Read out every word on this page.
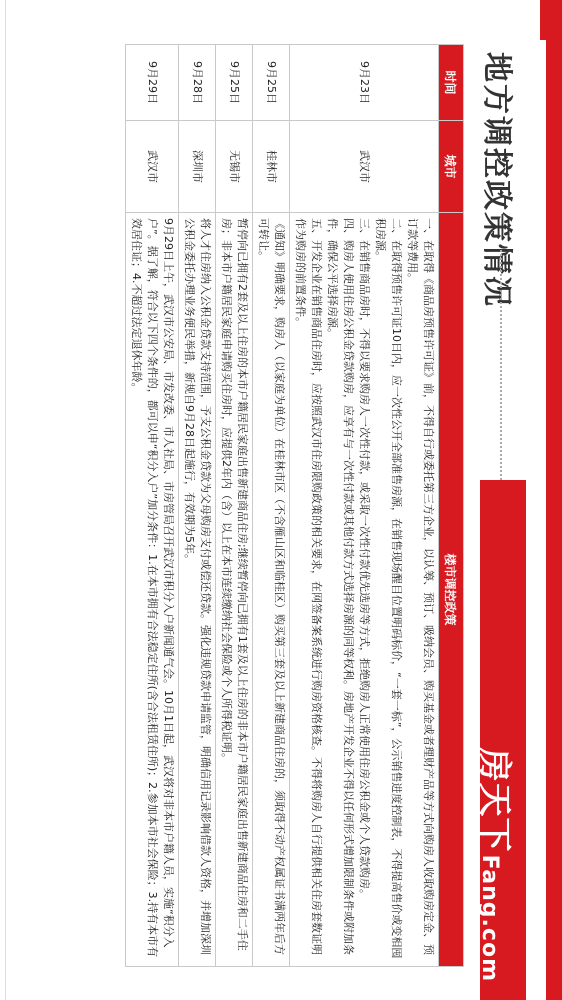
地方调控政策情况
房天下Fang.com
时间	城市	楼市调控政策
9月23日	武汉市	一、在取得《商品房预售许可证》前，不得自行或委托第三方企业，以认筹、预订、吸纳会员、购买基金或者理财产品等方式向购房人收取购房定金、预订款等费用。
二、在取得预售许可证10日内，应一次性公开全部准售房源，在销售现场醒目位置明码标价，“一套一标”，公示销售进度控制表，不得提高售价或变相囤积房源。
三、在销售商品房时，不得以要求购房人一次性付款，或采取一次性付款优先选房等方式，拒绝购房人正常使用住房公积金或个人贷款购房。
四、购房人使用住房公积金贷款购房，应享有与一次性付款或其他付款方式选择房源的同等权利。房地产开发企业不得以任何形式增加限制条件或附加条件，确保公平选择房源。
五、开发企业在销售商品住房时，应按照武汉市住房限购政策的相关要求，在网签备案系统进行购房资格核查。不得将购房人自行提供相关住房套数证明作为购房的前置条件。

9月25日	桂林市	《通知》明确要求，购房人（以家庭为单位）在桂林市区（不含雁山区和临桂区）购买第三套及以上新建商品住房的，须取得不动产权属证书满两年后方可转让。

9月25日	无锡市	暂停向已拥有2套及以上住房的本市户籍居民家庭出售新建商品住房;继续暂停向已拥有1套及以上住房的非本市户籍居民家庭出售新建商品住房和二手住房；非本市户籍居民家庭申请购买住房时，应提供2年内（含）以上在本市连续缴纳社会保险或个人所得税证明。

9月28日	深圳市	将人才住房纳入公积金贷款支持范围，予支公积金贷款为父母购房支付或偿还贷款。强化违规贷款申请监管，明确信用记录影响借款人资格，并增加深圳公积金委托办理业务便民举措，新规自9月28日起施行，有效期为5年。

9月29日	武汉市	9月29日上午，武汉市公安局、市发改委、市人社局、市房管局召开武汉市积分入户新闻通气会。10月1日起，武汉将对非本市户籍人员，实施“积分入户”。据了解，符合以下四个条件的，都可以申“积分入户”加分条件：1.在本市拥有合法稳定住所(含合法租赁住所)；2.参加本市社会保险；3.持有本市有效居住证；4.不超过法定退休年龄。
